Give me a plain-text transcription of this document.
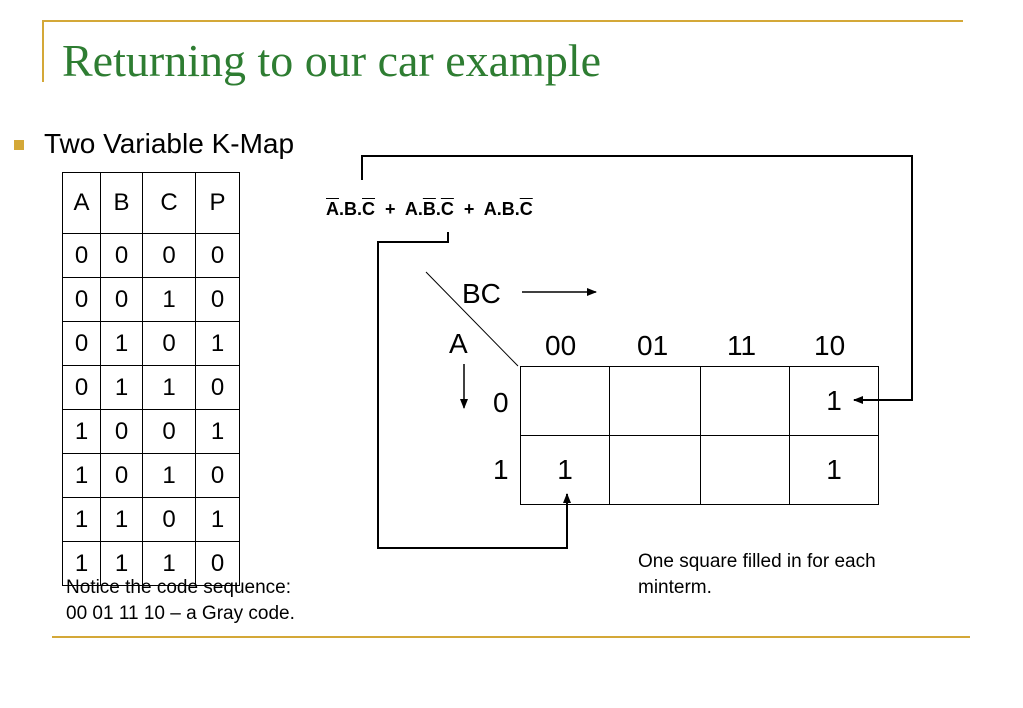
Returning to our car example
Two Variable K-Map
A	B	C	P
0	0	0	0
0	0	1	0
0	1	0	1
0	1	1	0
1	0	0	1
1	0	1	0
1	1	0	1
1	1	1	0
Notice the code sequence:
00 01 11 10 – a Gray code.
One square filled in for each
minterm.
$\overline{A}.B.\overline{C} + A.\overline{B}.\overline{C} + A.B.\overline{C}$
BC
A	00 01 11 10
0
1
			1
1			1
